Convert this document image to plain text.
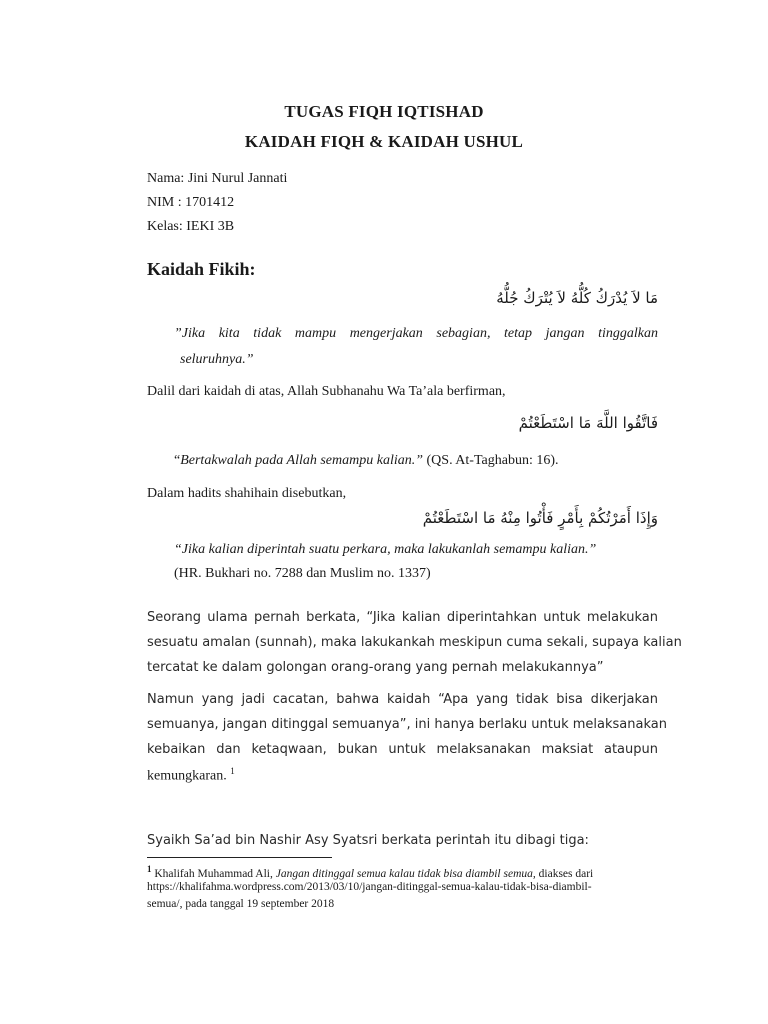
TUGAS FIQH IQTISHAD
KAIDAH FIQH & KAIDAH USHUL
Nama: Jini Nurul Jannati
NIM : 1701412
Kelas: IEKI 3B
Kaidah Fikih:
مَا لاَ يُدْرَكُ كُلُّهُ لاَ يُتْرَكُ جُلُّهُ
”Jika kita tidak mampu mengerjakan sebagian, tetap jangan tinggalkan
seluruhnya.”
Dalil dari kaidah di atas, Allah Subhanahu Wa Ta’ala berfirman,
فَاتَّقُوا اللَّهَ مَا اسْتَطَعْتُمْ
“Bertakwalah pada Allah semampu kalian.” (QS. At-Taghabun: 16).
Dalam hadits shahihain disebutkan,
وَإِذَا أَمَرْتُكُمْ بِأَمْرٍ فَأْتُوا مِنْهُ مَا اسْتَطَعْتُمْ
“Jika kalian diperintah suatu perkara, maka lakukanlah semampu kalian.”
(HR. Bukhari no. 7288 dan Muslim no. 1337)
Seorang ulama pernah berkata, “Jika kalian diperintahkan untuk melakukan
sesuatu amalan (sunnah), maka lakukankah meskipun cuma sekali, supaya kalian
tercatat ke dalam golongan orang-orang yang pernah melakukannya”
Namun yang jadi cacatan, bahwa kaidah “Apa yang tidak bisa dikerjakan
semuanya, jangan ditinggal semuanya”, ini hanya berlaku untuk melaksanakan
kebaikan dan ketaqwaan, bukan untuk melaksanakan maksiat ataupun
kemungkaran. $^1$
Syaikh Sa’ad bin Nashir Asy Syatsri berkata perintah itu dibagi tiga:
$^1$ Khalifah Muhammad Ali, Jangan ditinggal semua kalau tidak bisa diambil semua, diakses dari
https://khalifahma.wordpress.com/2013/03/10/jangan-ditinggal-semua-kalau-tidak-bisa-diambil-
semua/, pada tanggal 19 september 2018
